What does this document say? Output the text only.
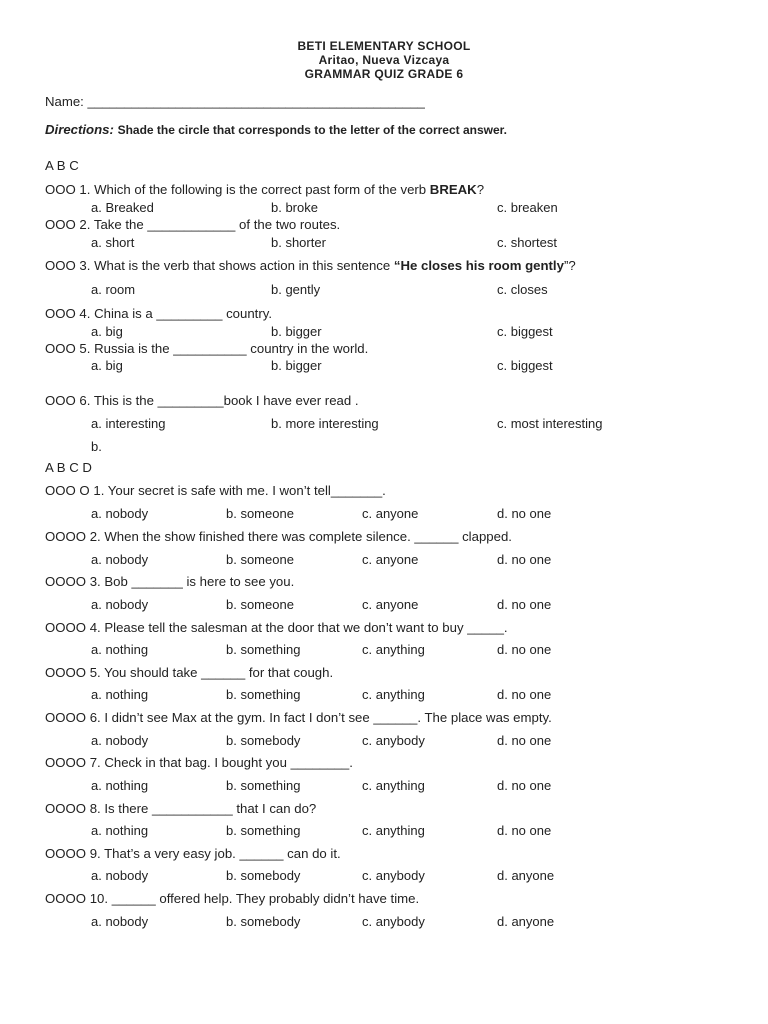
BETI ELEMENTARY SCHOOL
Aritao, Nueva Vizcaya
GRAMMAR QUIZ GRADE 6
Name: ______________________________________________
Directions: Shade the circle that corresponds to the letter of the correct answer.
A B C
OOO 1. Which of the following is the correct past form of the verb BREAK?
a. Breaked	b. broke	c. breaken
OOO 2. Take the ____________ of the two routes.
a. short	b. shorter	c. shortest
OOO 3. What is the verb that shows action in this sentence “He closes his room gently”?
a. room	b. gently	c. closes
OOO 4. China is a _________ country.
a. big	b. bigger	c. biggest
OOO 5. Russia is the __________ country in the world.
a. big	b. bigger	c. biggest
OOO 6. This is the _________book I have ever read .
a. interesting	b. more interesting	c. most interesting
b.
A B C D
OOO O 1. Your secret is safe with me. I won’t tell_______.
a. nobody	b. someone	c. anyone	d. no one
OOOO 2. When the show finished there was complete silence. ______ clapped.
a. nobody	b. someone	c. anyone	d. no one
OOOO 3. Bob _______ is here to see you.
a. nobody	b. someone	c. anyone	d. no one
OOOO 4. Please tell the salesman at the door that we don’t want to buy _____.
a. nothing	b. something	c. anything	d. no one
OOOO 5. You should take ______ for that cough.
a. nothing	b. something	c. anything	d. no one
OOOO 6. I didn’t see Max at the gym. In fact I don’t see ______. The place was empty.
a. nobody	b. somebody	c. anybody	d. no one
OOOO 7. Check in that bag. I bought you ________.
a. nothing	b. something	c. anything	d. no one
OOOO 8. Is there ___________ that I can do?
a. nothing	b. something	c. anything	d. no one
OOOO 9. That’s a very easy job. ______ can do it.
a. nobody	b. somebody	c. anybody	d. anyone
OOOO 10. ______ offered help. They probably didn’t have time.
a. nobody	b. somebody	c. anybody	d. anyone
